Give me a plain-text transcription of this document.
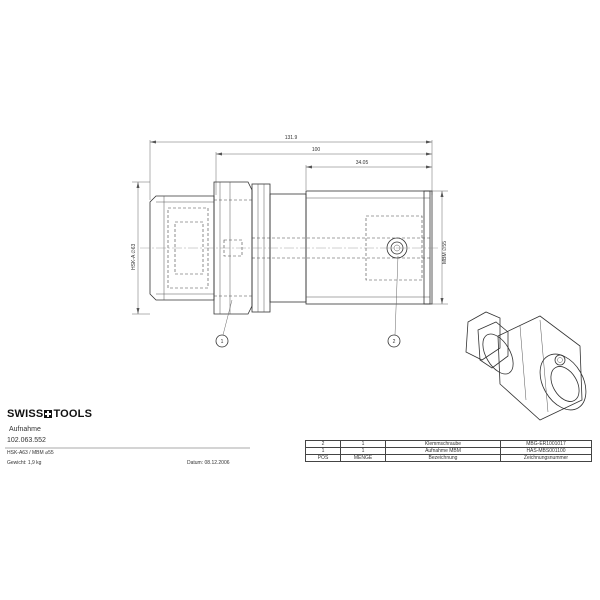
131.9
100
34.05
HSK-A ∅63	MBM ∅55
1	2
SWISS TOOLS
Aufnahme
102.063.552
HSK-A63 / MBM ⌀55
Gewicht: 1,9 kg	Datum: 08.12.2006
2	1	Klemmschraube	MBG-ER1001017
1	1	Aufnahme MBM	HAS-MBS001100
POS	MENGE	Bezeichnung	Zeichnungsnummer
